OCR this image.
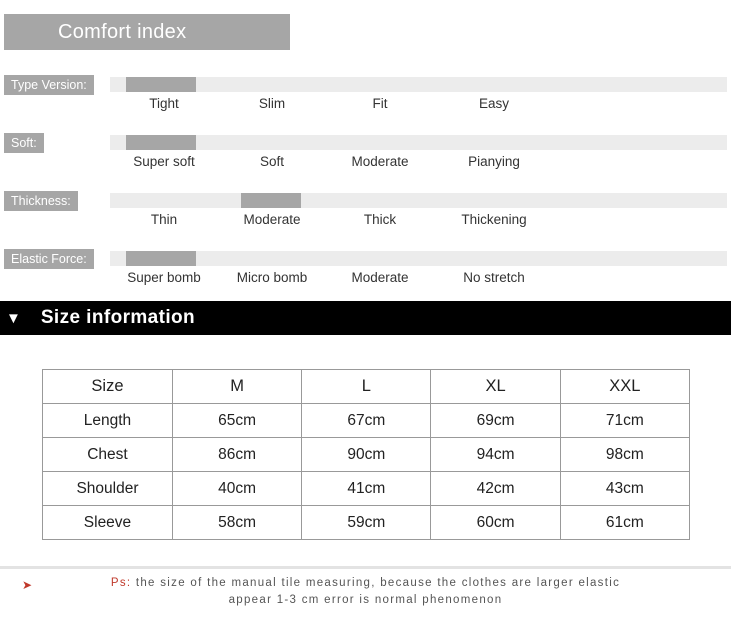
Comfort index
Type Version:
Tight	Slim	Fit	Easy
Soft:
Super soft	Soft	Moderate	Pianying
Thickness:
Thin	Moderate	Thick	Thickening
Elastic Force:
Super bomb	Micro bomb	Moderate	No stretch
▼ Size information
Size	M	L	XL	XXL
Length	65cm	67cm	69cm	71cm
Chest	86cm	90cm	94cm	98cm
Shoulder	40cm	41cm	42cm	43cm
Sleeve	58cm	59cm	60cm	61cm
➤	Ps: the size of the manual tile measuring, because the clothes are larger elastic
appear 1-3 cm error is normal phenomenon
